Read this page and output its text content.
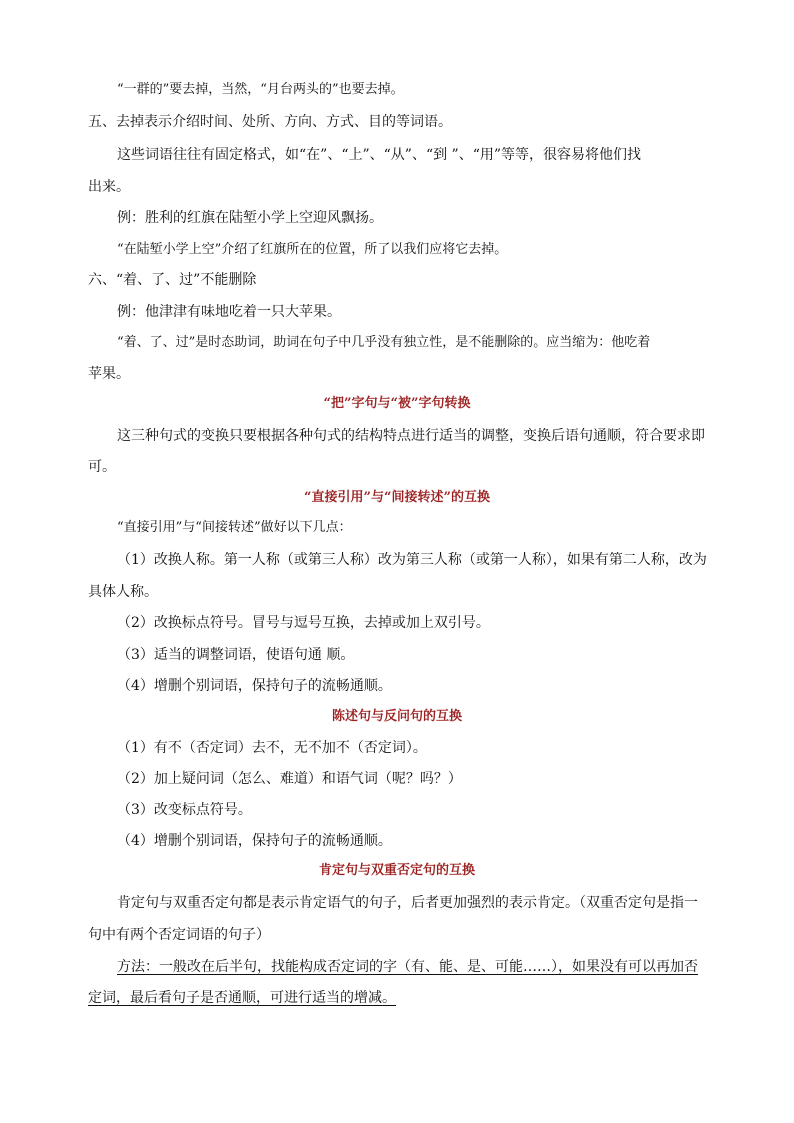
“一群的”要去掉，当然，“月台两头的”也要去掉。
五、去掉表示介绍时间、处所、方向、方式、目的等词语。
这些词语往往有固定格式，如“在”、“上”、“从”、“到 ”、“用”等等，很容易将他们找
出来。
例：胜利的红旗在陆堑小学上空迎风飘扬。
“在陆堑小学上空”介绍了红旗所在的位置，所了以我们应将它去掉。
六、“着、了、过”不能删除
例：他津津有味地吃着一只大苹果。
“着、了、过”是时态助词，助词在句子中几乎没有独立性，是不能删除的。应当缩为：他吃着
苹果。
“把”字句与“被”字句转换
这三种句式的变换只要根据各种句式的结构特点进行适当的调整，变换后语句通顺，符合要求即
可。
“直接引用”与“间接转述”的互换
“直接引用”与“间接转述”做好以下几点：
（1）改换人称。第一人称（或第三人称）改为第三人称（或第一人称），如果有第二人称，改为
具体人称。
（2）改换标点符号。冒号与逗号互换，去掉或加上双引号。
（3）适当的调整词语，使语句通 顺。
（4）增删个别词语，保持句子的流畅通顺。
陈述句与反问句的互换
（1）有不（否定词）去不，无不加不（否定词）。
（2）加上疑问词（怎么、难道）和语气词（呢？吗？）
（3）改变标点符号。
（4）增删个别词语，保持句子的流畅通顺。
肯定句与双重否定句的互换
肯定句与双重否定句都是表示肯定语气的句子，后者更加强烈的表示肯定。（双重否定句是指一
句中有两个否定词语的句子）
方法：一般改在后半句，找能构成否定词的字（有、能、是、可能……），如果没有可以再加否
定词，最后看句子是否通顺，可进行适当的增减。
